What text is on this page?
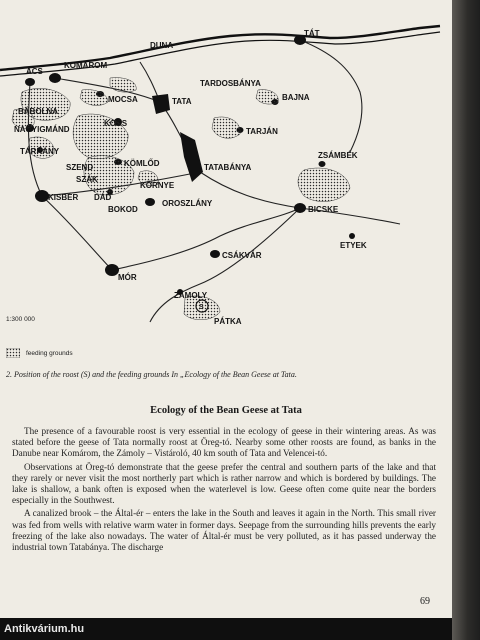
S
DUNA
TÁT
ÁCS
KOMÁROM
TARDOSBÁNYA
MOCSA	TATA	BAJNA
BÁBOLNA
KOCS
TARJÁN
NAGYIGMÁND
ZSÁMBÉK
TATABÁNYA
TÁRKÁNY
KÖMLŐD
SZEND
SZÁK
KÖRNYE
DÁD
KISBÉR
BOKOD
OROSZLÁNY
BICSKE
ETYEK
MÓR
CSÁKVÁR
ZÁMOLY
PÁTKA
1:300 000
feeding grounds
2. Position of the roost (S) and the feeding grounds In „Ecology of the Bean Geese at Tata.
Ecology of the Bean Geese at Tata

The presence of a favourable roost is very essential in the ecology of geese in their wintering areas. As was stated before the geese of Tata normally roost at Öreg-tó. Nearby some other roosts are found, as banks in the Danube near Komárom, the Zámoly – Vistároló, 40 km south of Tata and Velencei-tó.

Observations at Öreg-tó demonstrate that the geese prefer the central and southern parts of the lake and that they rarely or never visit the most northerly part which is rather narrow and which is bordered by buildings. The lake is shallow, a bank often is exposed when the waterlevel is low. Geese often come quite near the borders especially in the Southwest.

A canalized brook – the Által-ér – enters the lake in the South and leaves it again in the North. This small river was fed from wells with relative warm water in former days. Seepage from the surrounding hills prevents the early freezing of the lake also nowadays. The water of Által-ér must be very polluted, as it has passed underway the industrial town Tatabánya. The discharge

69
Antikvárium.hu
